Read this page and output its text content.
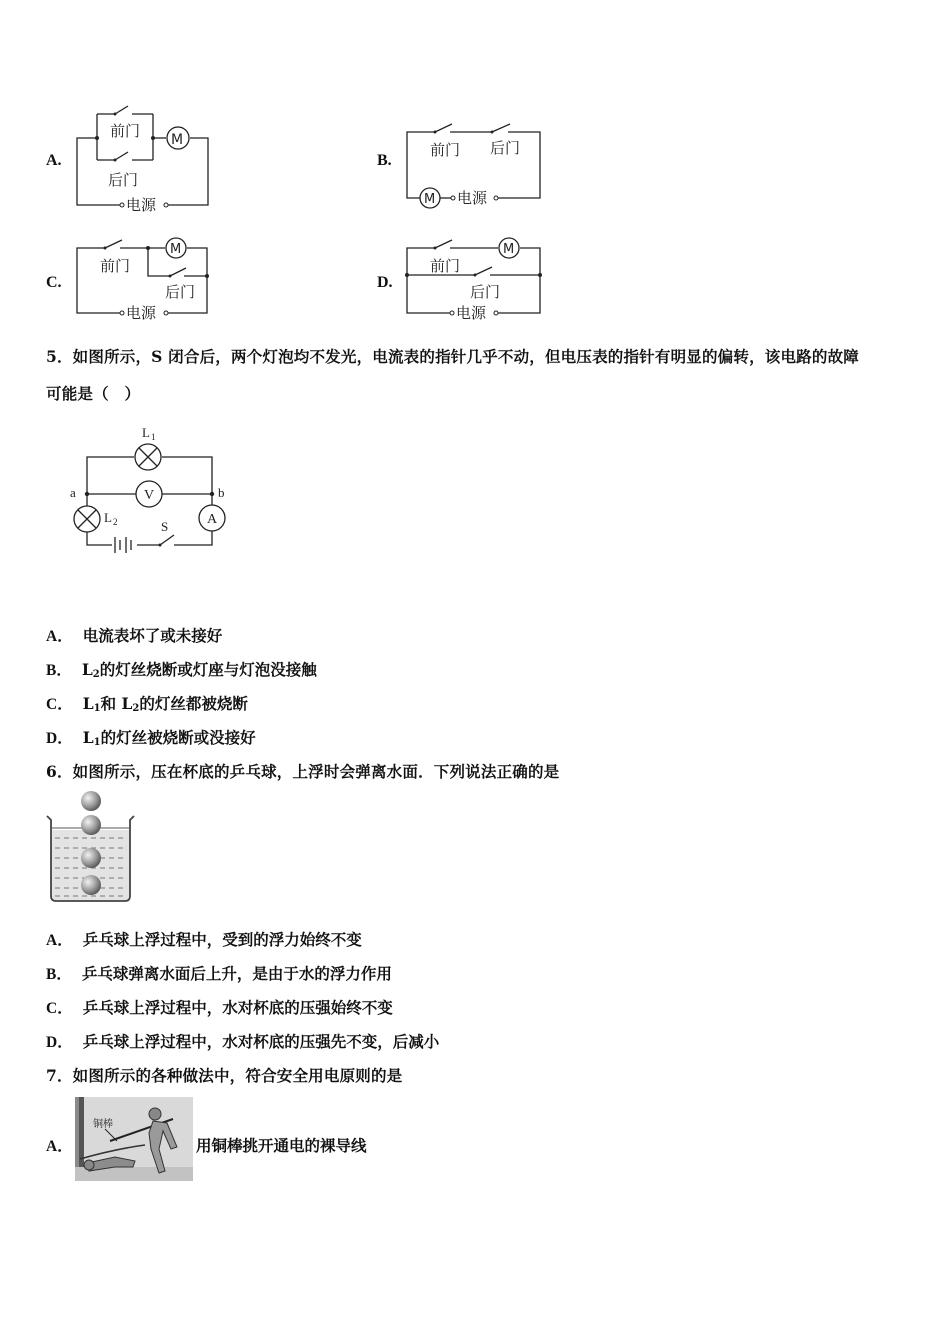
A.
M
前门
后门
电源
B.
M
前门 后门
电源
C.
M
前门
后门
电源
D.
M
前门
后门
电源
5．如图所示，S 闭合后，两个灯泡均不发光，电流表的指针几乎不动，但电压表的指针有明显的偏转，该电路的故障
可能是（　）
L 1
V
L 2	A
S
a	b
A． 电流表坏了或未接好
B． $L_2$的灯丝烧断或灯座与灯泡没接触
C． $L_1$和 $L_2$的灯丝都被烧断
D． $L_1$的灯丝被烧断或没接好
6．如图所示，压在杯底的乒乓球，上浮时会弹离水面．下列说法正确的是
A． 乒乓球上浮过程中，受到的浮力始终不变
B． 乒乓球弹离水面后上升，是由于水的浮力作用
C． 乒乓球上浮过程中，水对杯底的压强始终不变
D． 乒乓球上浮过程中，水对杯底的压强先不变，后减小
7．如图所示的各种做法中，符合安全用电原则的是
A．
铜棒
用铜棒挑开通电的裸导线
